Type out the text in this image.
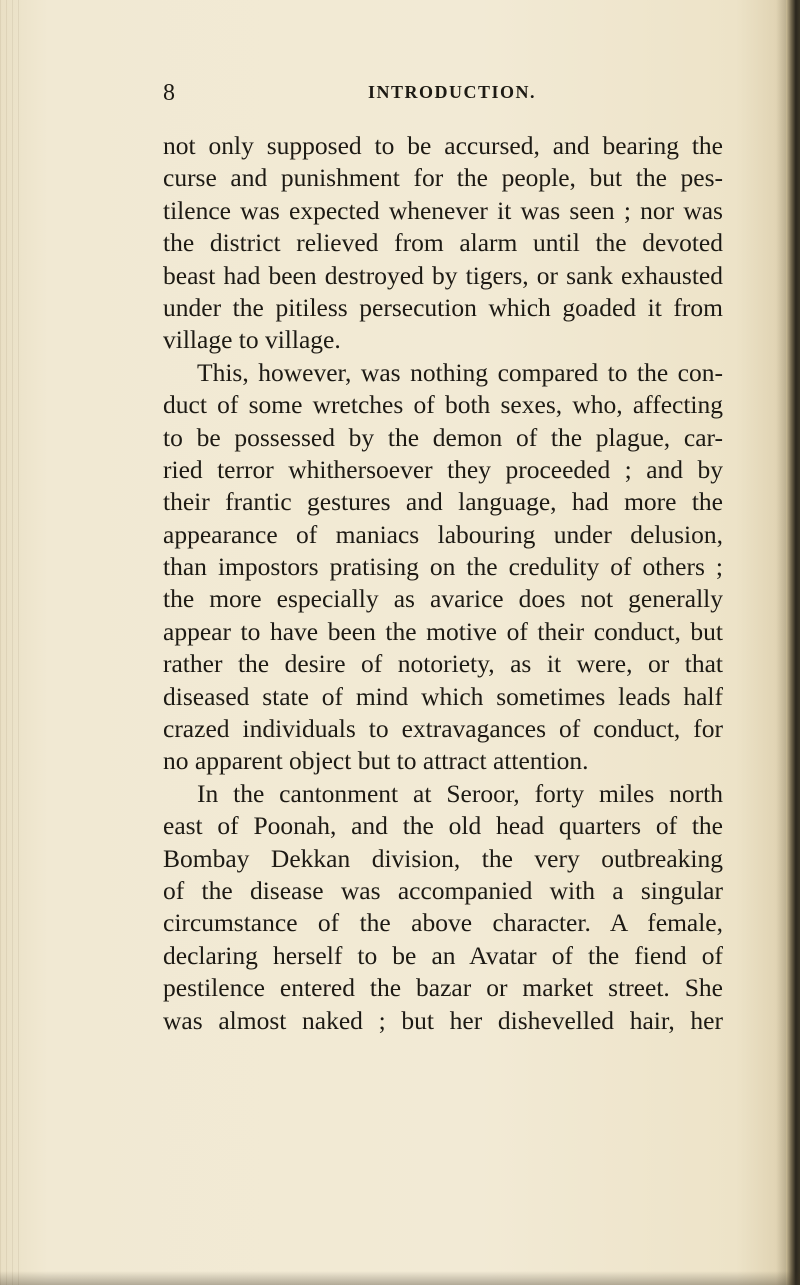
8	INTRODUCTION.
not only supposed to be accursed, and bearing the
curse and punishment for the people, but the pes-
tilence was expected whenever it was seen ; nor was
the district relieved from alarm until the devoted
beast had been destroyed by tigers, or sank exhausted
under the pitiless persecution which goaded it from
village to village.
This, however, was nothing compared to the con-
duct of some wretches of both sexes, who, affecting
to be possessed by the demon of the plague, car-
ried terror whithersoever they proceeded ; and by
their frantic gestures and language, had more the
appearance of maniacs labouring under delusion,
than impostors pratising on the credulity of others ;
the more especially as avarice does not generally
appear to have been the motive of their conduct, but
rather the desire of notoriety, as it were, or that
diseased state of mind which sometimes leads half
crazed individuals to extravagances of conduct, for
no apparent object but to attract attention.
In the cantonment at Seroor, forty miles north
east of Poonah, and the old head quarters of the
Bombay Dekkan division, the very outbreaking
of the disease was accompanied with a singular
circumstance of the above character. A female,
declaring herself to be an Avatar of the fiend of
pestilence entered the bazar or market street. She
was almost naked ; but her dishevelled hair, her
